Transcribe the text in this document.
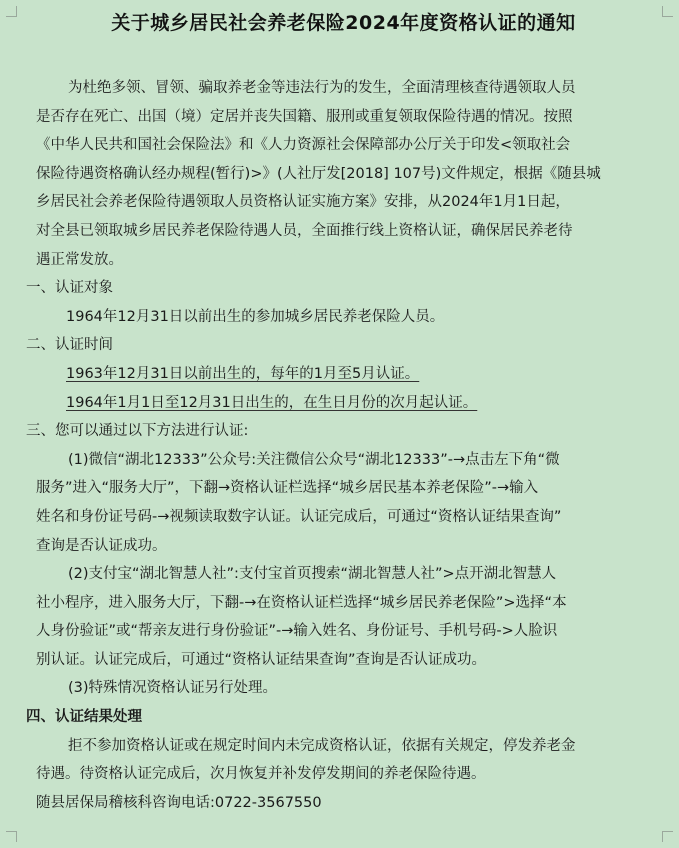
关于城乡居民社会养老保险2024年度资格认证的通知
为杜绝多领、冒领、骗取养老金等违法行为的发生，全面清理核查待遇领取人员
是否存在死亡、出国（境）定居并丧失国籍、服刑或重复领取保险待遇的情况。按照
《中华人民共和国社会保险法》和《人力资源社会保障部办公厅关于印发<领取社会
保险待遇资格确认经办规程(暂行)>》(人社厅发[2018] 107号)文件规定，根据《随县城
乡居民社会养老保险待遇领取人员资格认证实施方案》安排，从2024年1月1日起，
对全县已领取城乡居民养老保险待遇人员，全面推行线上资格认证，确保居民养老待
遇正常发放。
一、认证对象
1964年12月31日以前出生的参加城乡居民养老保险人员。
二、认证时间
1963年12月31日以前出生的，每年的1月至5月认证。
1964年1月1日至12月31日出生的，在生日月份的次月起认证。
三、您可以通过以下方法进行认证:
(1)微信“湖北12333”公众号:关注微信公众号“湖北12333”-→点击左下角“微
服务”进入“服务大厅”，下翻→资格认证栏选择“城乡居民基本养老保险”-→输入
姓名和身份证号码-→视频读取数字认证。认证完成后，可通过“资格认证结果查询”
查询是否认证成功。
(2)支付宝“湖北智慧人社”:支付宝首页搜索“湖北智慧人社”>点开湖北智慧人
社小程序，进入服务大厅，下翻-→在资格认证栏选择“城乡居民养老保险”>选择“本
人身份验证”或“帮亲友进行身份验证”-→输入姓名、身份证号、手机号码->人脸识
别认证。认证完成后，可通过“资格认证结果查询”查询是否认证成功。
(3)特殊情况资格认证另行处理。
四、认证结果处理
拒不参加资格认证或在规定时间内未完成资格认证，依据有关规定，停发养老金
待遇。待资格认证完成后，次月恢复并补发停发期间的养老保险待遇。
随县居保局稽核科咨询电话:0722-3567550
